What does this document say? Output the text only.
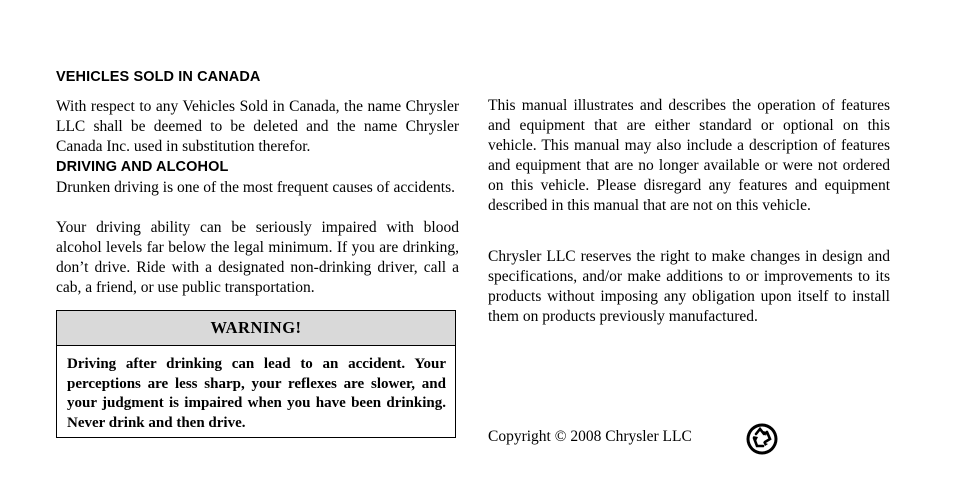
VEHICLES SOLD IN CANADA

With respect to any Vehicles Sold in Canada, the name Chrysler LLC shall be deemed to be deleted and the name Chrysler Canada Inc. used in substitution therefor.

DRIVING AND ALCOHOL

Drunken driving is one of the most frequent causes of accidents.

Your driving ability can be seriously impaired with blood alcohol levels far below the legal minimum. If you are drinking, don’t drive. Ride with a designated non-drinking driver, call a cab, a friend, or use public transportation.

WARNING!

Driving after drinking can lead to an accident. Your perceptions are less sharp, your reflexes are slower, and your judgment is impaired when you have been drinking. Never drink and then drive.

This manual illustrates and describes the operation of features and equipment that are either standard or optional on this vehicle. This manual may also include a description of features and equipment that are no longer available or were not ordered on this vehicle. Please disregard any features and equipment described in this manual that are not on this vehicle.

Chrysler LLC reserves the right to make changes in design and specifications, and/or make additions to or improvements to its products without imposing any obligation upon itself to install them on products previously manufactured.

Copyright © 2008 Chrysler LLC
